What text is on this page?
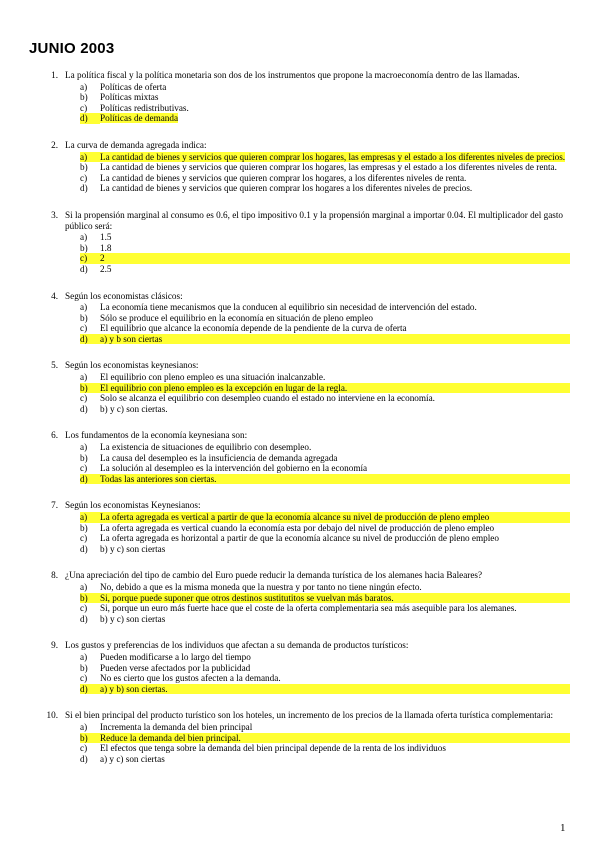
JUNIO 2003
1. La política fiscal y la política monetaria son dos de los instrumentos que propone la macroeconomía dentro de las llamadas.
a)	Políticas de oferta
b)	Políticas mixtas
c)	Políticas redistributivas.
d)	Políticas de demanda
2. La curva de demanda agregada indica:
a)	La cantidad de bienes y servicios que quieren comprar los hogares, las empresas y el estado a los diferentes niveles de precios.
b)	La cantidad de bienes y servicios que quieren comprar los hogares, las empresas y el estado a los diferentes niveles de renta.
c)	La cantidad de bienes y servicios que quieren comprar los hogares, a los diferentes niveles de renta.
d)	La cantidad de bienes y servicios que quieren comprar los hogares a los diferentes niveles de precios.
3. Si la propensión marginal al consumo es 0.6, el tipo impositivo 0.1 y la propensión marginal a importar 0.04. El multiplicador del gasto público será:
a)	1.5
b)	1.8
c)	2
d)	2.5
4. Según los economistas clásicos:
a)	La economía tiene mecanismos que la conducen al equilibrio sin necesidad de intervención del estado.
b)	Sólo se produce el equilibrio en la economía en situación de pleno empleo
c)	El equilibrio que alcance la economía depende de la pendiente de la curva de oferta
d)	a) y b son ciertas
5. Según los economistas keynesianos:
a)	El equilibrio con pleno empleo es una situación inalcanzable.
b)	El equilibrio con pleno empleo es la excepción en lugar de la regla.
c)	Solo se alcanza el equilibrio con desempleo cuando el estado no interviene en la economía.
d)	b) y c) son ciertas.
6. Los fundamentos de la economía keynesiana son:
a)	La existencia de situaciones de equilibrio con desempleo.
b)	La causa del desempleo es la insuficiencia de demanda agregada
c)	La solución al desempleo es la intervención del gobierno en la economía
d)	Todas las anteriores son ciertas.
7. Según los economistas Keynesianos:
a)	La oferta agregada es vertical a partir de que la economía alcance su nivel de producción de pleno empleo
b)	La oferta agregada es vertical cuando la economía esta por debajo del nivel de producción de pleno empleo
c)	La oferta agregada es horizontal a partir de que la economía alcance su nivel de producción de pleno empleo
d)	b) y c) son ciertas
8. ¿Una apreciación del tipo de cambio del Euro puede reducir la demanda turística de los alemanes hacia Baleares?
a)	No, debido a que es la misma moneda que la nuestra y por tanto no tiene ningún efecto.
b)	Si, porque puede suponer que otros destinos sustitutitos se vuelvan más baratos.
c)	Si, porque un euro más fuerte hace que el coste de la oferta complementaria sea más asequible para los alemanes.
d)	b) y c) son ciertas
9. Los gustos y preferencias de los individuos que afectan a su demanda de productos turísticos:
a)	Pueden modificarse a lo largo del tiempo
b)	Pueden verse afectados por la publicidad
c)	No es cierto que los gustos afecten a la demanda.
d)	a) y b) son ciertas.
10. Si el bien principal del producto turístico son los hoteles, un incremento de los precios de la llamada oferta turística complementaria:
a)	Incrementa la demanda del bien principal
b)	Reduce la demanda del bien principal.
c)	El efectos que tenga sobre la demanda del bien principal depende de la renta de los individuos
d)	a) y c) son ciertas
1
